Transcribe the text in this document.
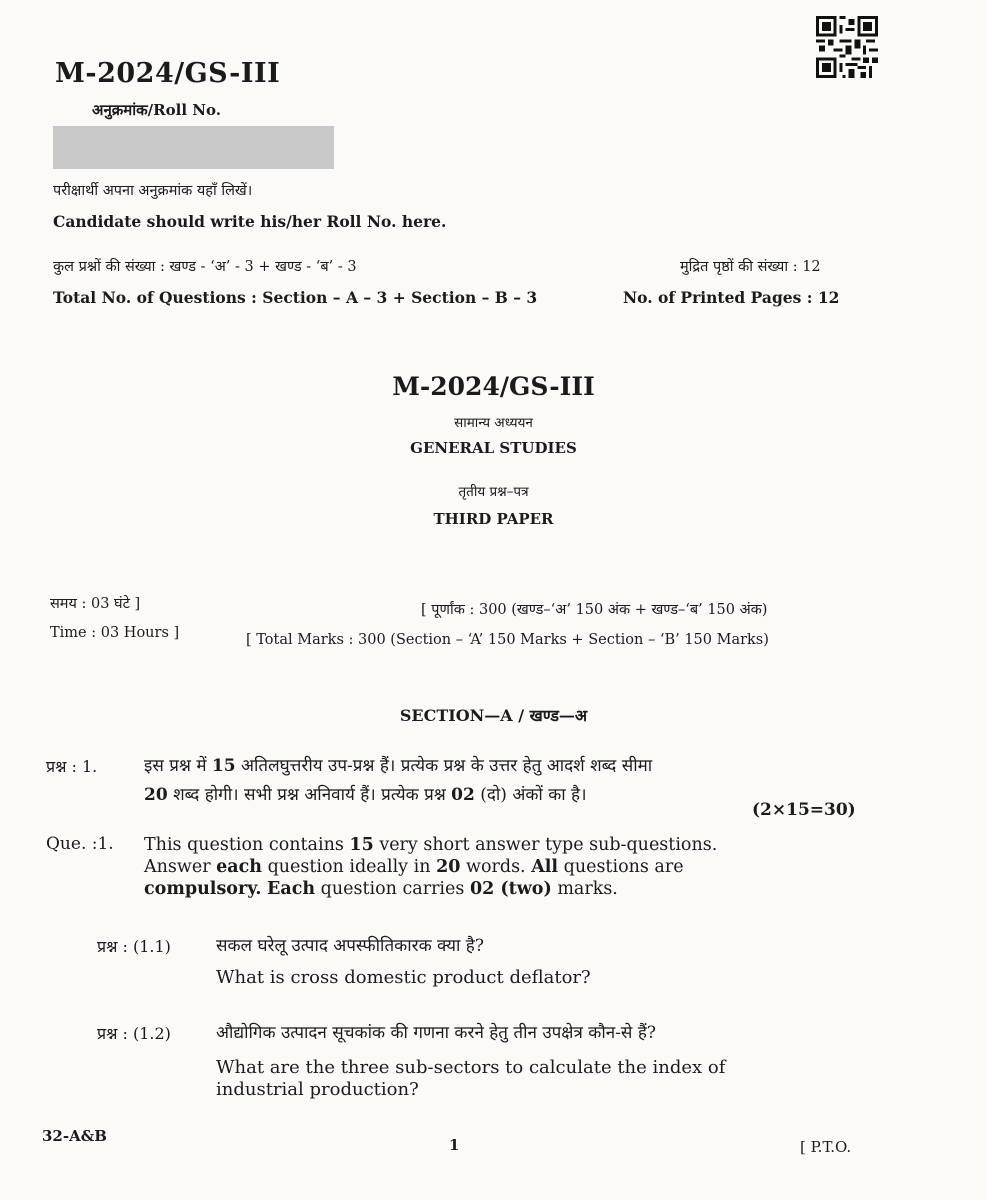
M-2024/GS-III
अनुक्रमांक/Roll No.
परीक्षार्थी अपना अनुक्रमांक यहाँ लिखें।
Candidate should write his/her Roll No. here.
कुल प्रश्नों की संख्या : खण्ड - ‘अ’ - 3 + खण्ड - ‘ब’ - 3	मुद्रित पृष्ठों की संख्या : 12
Total No. of Questions : Section – A – 3 + Section – B – 3	No. of Printed Pages : 12
M-2024/GS-III
सामान्य अध्ययन
GENERAL STUDIES
तृतीय प्रश्न–पत्र
THIRD PAPER
समय : 03 घंटे ]	[ पूर्णांक : 300 (खण्ड–‘अ’ 150 अंक + खण्ड–‘ब’ 150 अंक)
Time : 03 Hours ]	[ Total Marks : 300 (Section – ‘A’ 150 Marks + Section – ‘B’ 150 Marks)
SECTION—A / खण्ड—अ
प्रश्न : 1.	इस प्रश्न में 15 अतिलघुत्तरीय उप-प्रश्न हैं। प्रत्येक प्रश्न के उत्तर हेतु आदर्श शब्द सीमा
20 शब्द होगी। सभी प्रश्न अनिवार्य हैं। प्रत्येक प्रश्न 02 (दो) अंकों का है।
(2×15=30)
Que. :1. This question contains 15 very short answer type sub-questions.
Answer each question ideally in 20 words. All questions are
compulsory. Each question carries 02 (two) marks.
प्रश्न : (1.1)	सकल घरेलू उत्पाद अपस्फीतिकारक क्या है?
What is cross domestic product deflator?
प्रश्न : (1.2)	औद्योगिक उत्पादन सूचकांक की गणना करने हेतु तीन उपक्षेत्र कौन-से हैं?
What are the three sub-sectors to calculate the index of
industrial production?
32-A&B	1	[ P.T.O.
